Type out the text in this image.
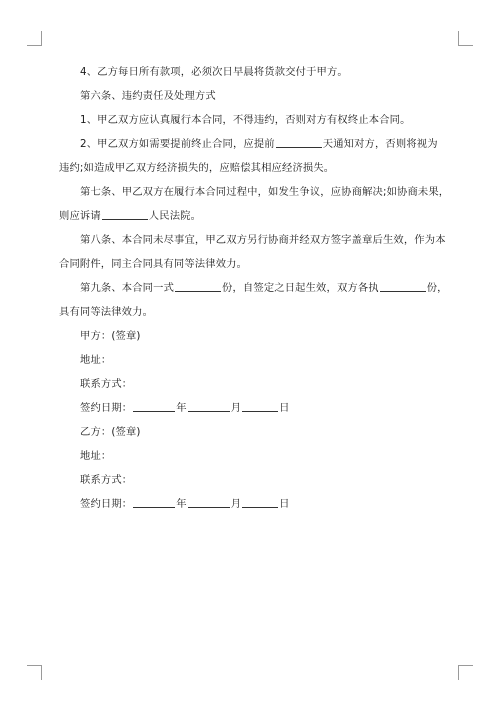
4、乙方每日所有款项，必须次日早晨将货款交付于甲方。

第六条、违约责任及处理方式

1、甲乙双方应认真履行本合同，不得违约，否则对方有权终止本合同。

2、甲乙双方如需要提前终止合同，应提前	天通知对方，否则将视为

违约;如造成甲乙双方经济损失的，应赔偿其相应经济损失。

第七条、甲乙双方在履行本合同过程中，如发生争议，应协商解决;如协商未果，

则应诉请	人民法院。

第八条、本合同未尽事宜，甲乙双方另行协商并经双方签字盖章后生效，作为本

合同附件，同主合同具有同等法律效力。

第九条、本合同一式	份，自签定之日起生效，双方各执	份，

具有同等法律效力。

甲方：(签章)

地址：

联系方式：

签约日期：	年	月	日

乙方：(签章)

地址：

联系方式：

签约日期：	年	月	日
